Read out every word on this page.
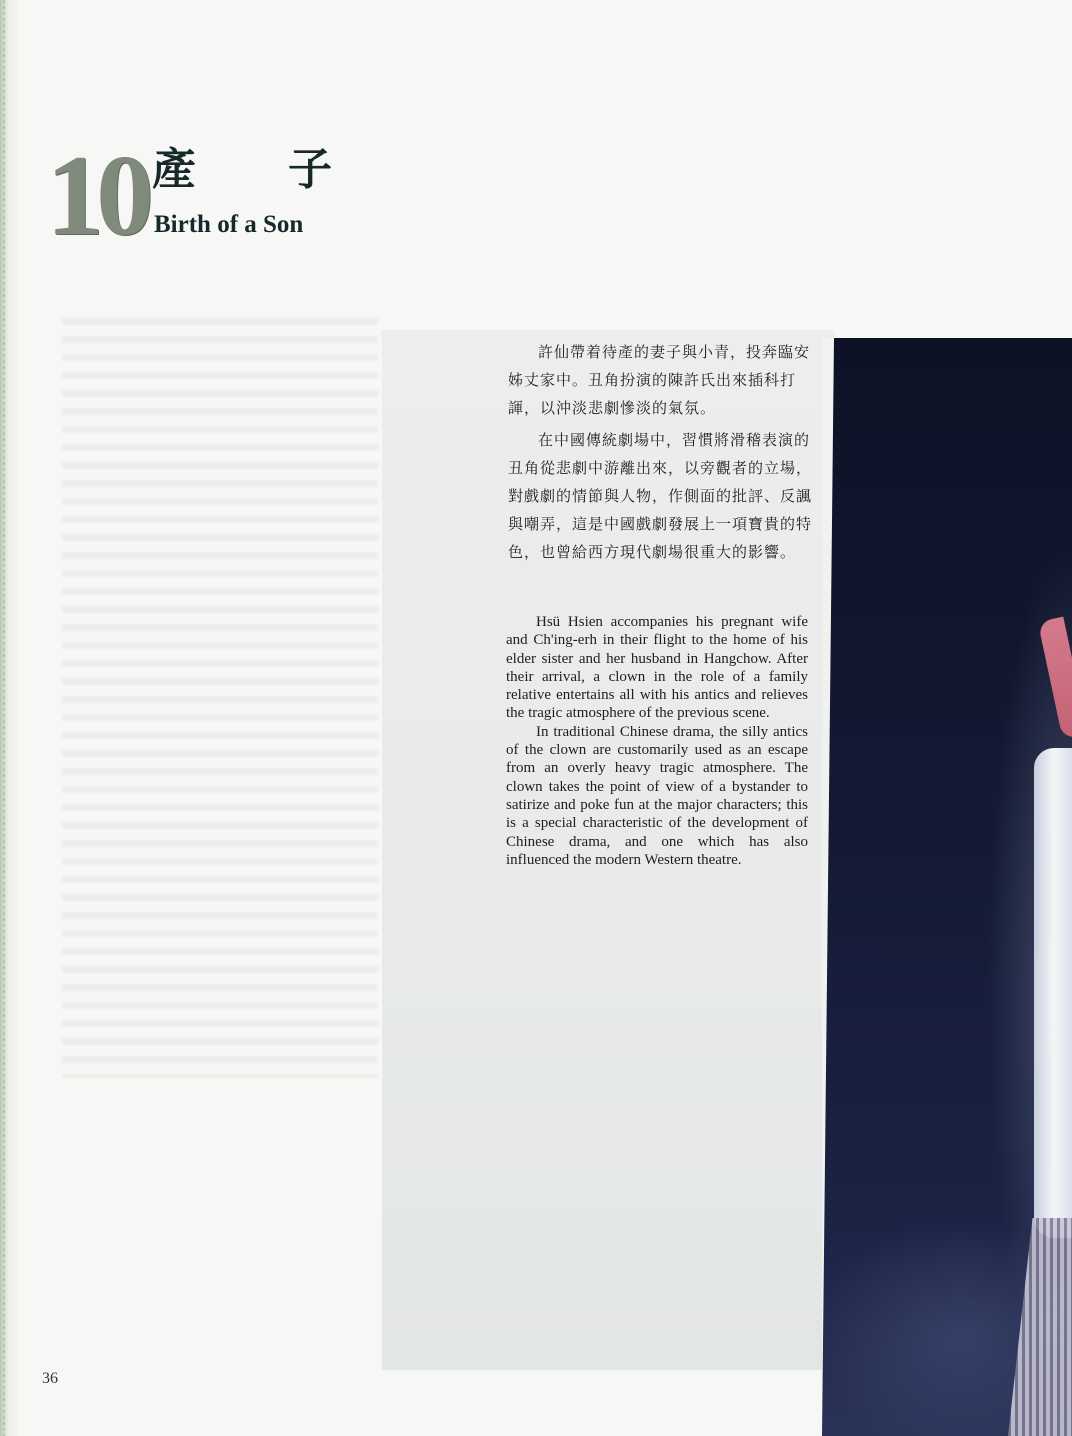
10 產子
Birth of a Son

許仙帶着待產的妻子與小青，投奔臨安姊丈家中。丑角扮演的陳許氏出來插科打諢，以沖淡悲劇慘淡的氣氛。

在中國傳統劇場中，習慣將滑稽表演的丑角從悲劇中游離出來，以旁觀者的立場，對戲劇的情節與人物，作側面的批評、反諷與嘲弄，這是中國戲劇發展上一項寶貴的特色，也曾給西方現代劇場很重大的影響。

Hsü Hsien accompanies his pregnant wife and Ch'ing-erh in their flight to the home of his elder sister and her husband in Hangchow. After their arrival, a clown in the role of a family relative entertains all with his antics and relieves the tragic atmosphere of the previous scene.

In traditional Chinese drama, the silly antics of the clown are customarily used as an escape from an overly heavy tragic atmosphere. The clown takes the point of view of a bystander to satirize and poke fun at the major characters; this is a special characteristic of the development of Chinese drama, and one which has also influenced the modern Western theatre.

36
